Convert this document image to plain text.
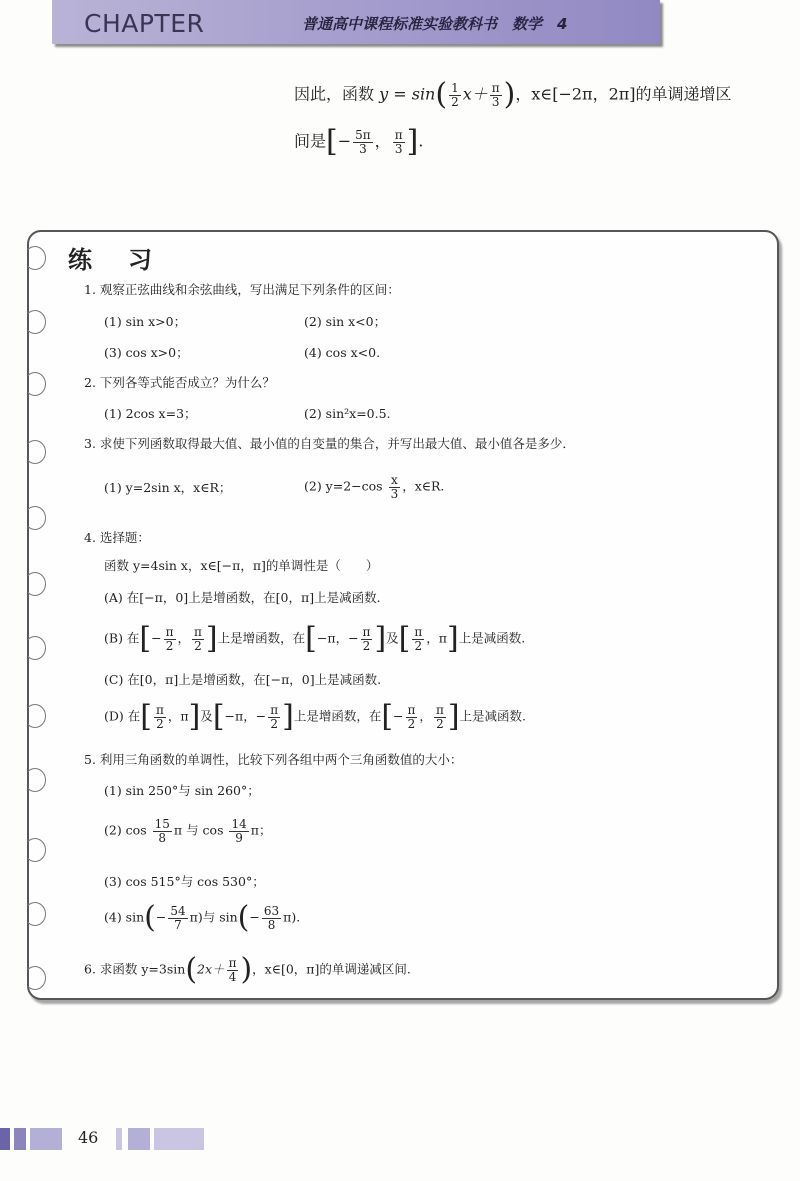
CHAPTER	普通高中课程标准实验教科书　数学　4
因此，函数 $y = \sin( \frac{1}{2} x+ \frac{\pi}{3}$ )，x∈[−2π，2π]的单调递增区
间是[− $\frac{5\pi}{3}$ ， $\frac{\pi}{3}$ ].
练　习
1. 观察正弦曲线和余弦曲线，写出满足下列条件的区间：
(1) sin x>0；	(2) sin x<0；
(3) cos x>0；	(4) cos x<0.
2. 下列各等式能否成立？为什么？
(1) 2cos x=3；	(2) sin²x=0.5.
3. 求使下列函数取得最大值、最小值的自变量的集合，并写出最大值、最小值各是多少．
(1) y=2sin x，x∈R；	(2) $y=2-\cos \frac{x}{3}$ ，x∈R.
4. 选择题：
函数 y=4sin x，x∈[−π，π]的单调性是（　　）
(A) 在[−π，0]上是增函数，在[0，π]上是减函数.
(B) 在[− $\frac{\pi}{2}$ ， $\frac{\pi}{2}$ ]上是增函数，在[−π，− $\frac{\pi}{2}$ ]及[ $\frac{\pi}{2}$ ，π]上是减函数.
(C) 在[0，π]上是增函数，在[−π，0]上是减函数.
(D) 在[ $\frac{\pi}{2}$ ，π]及[−π，− $\frac{\pi}{2}$ ]上是增函数，在[− $\frac{\pi}{2}$ ， $\frac{\pi}{2}$ ]上是减函数.
5. 利用三角函数的单调性，比较下列各组中两个三角函数值的大小：
(1) sin 250°与 sin 260°；
(2) $\cos \frac{15}{8}$ π 与 $\cos \frac{14}{9}$ π；
(3) cos 515°与 cos 530°；
(4) $\sin(- \frac{54}{7} \pi)$与 $\sin(- \frac{63}{8} \pi)$.
6. 求函数 $y=3\sin(2x+ \frac{\pi}{4}$ )，x∈[0，π]的单调递减区间.
46
